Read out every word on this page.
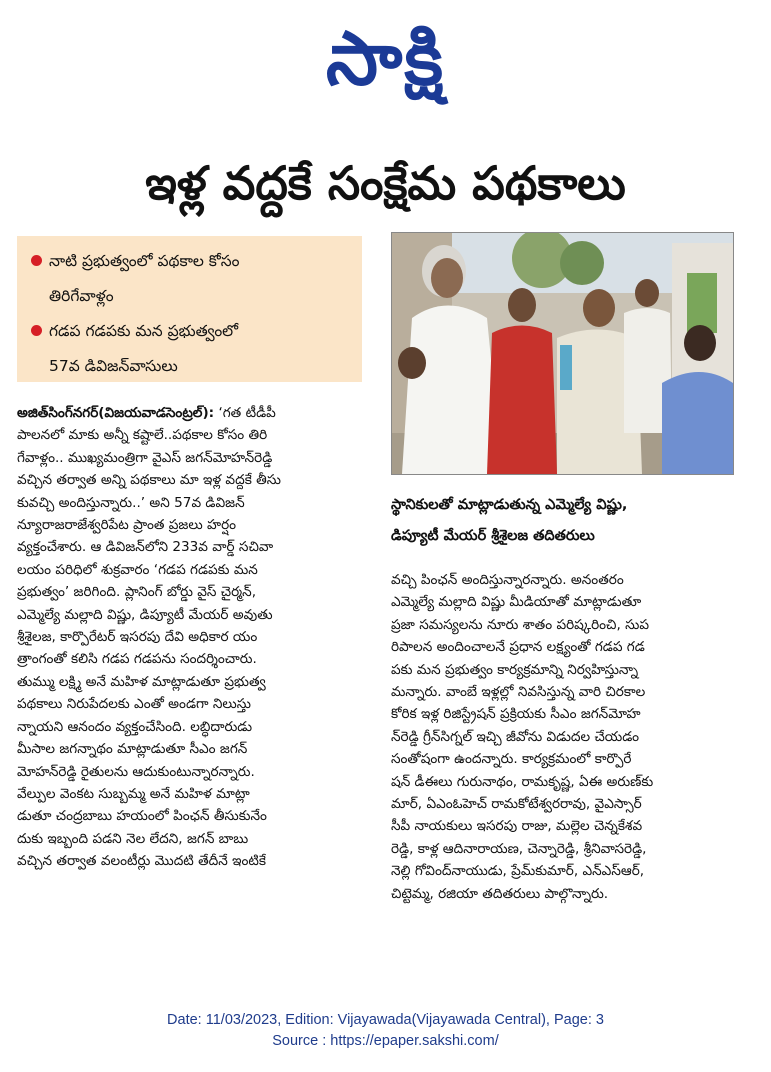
సాక్షి
ఇళ్ల వద్దకే సంక్షేమ పథకాలు
నాటి ప్రభుత్వంలో పథకాల కోసం
తిరిగేవాళ్లం
గడప గడపకు మన ప్రభుత్వంలో
57వ డివిజన్‌వాసులు
స్థానికులతో మాట్లాడుతున్న ఎమ్మెల్యే విష్ణు,
డిప్యూటీ మేయర్ శ్రీశైలజ తదితరులు

అజిత్‌సింగ్‌నగర్(విజయవాడసెంట్రల్): ‘గత టీడీపీ

పాలనలో మాకు అన్నీ కష్టాలే..పథకాల కోసం తిరి

గేవాళ్లం.. ముఖ్యమంత్రిగా వైఎస్ జగన్‌మోహన్‌రెడ్డి

వచ్చిన తర్వాత అన్ని పథకాలు మా ఇళ్ల వద్దకే తీసు

కువచ్చి అందిస్తున్నారు..’ అని 57వ డివిజన్

న్యూరాజరాజేశ్వరిపేట ప్రాంత ప్రజలు హర్షం

వ్యక్తంచేశారు. ఆ డివిజన్‌లోని 233వ వార్డ్ సచివా

లయం పరిధిలో శుక్రవారం ‘గడప గడపకు మన

ప్రభుత్వం’ జరిగింది. ప్లానింగ్ బోర్డు వైస్ చైర్మన్,

ఎమ్మెల్యే మల్లాది విష్ణు, డిప్యూటీ మేయర్ అవుతు

శ్రీశైలజ, కార్పొరేటర్ ఇసరపు దేవి అధికార యం

త్రాంగంతో కలిసి గడప గడపను సందర్శించారు.

తుమ్ము లక్ష్మి అనే మహిళ మాట్లాడుతూ ప్రభుత్వ

పథకాలు నిరుపేదలకు ఎంతో అండగా నిలుస్తు

న్నాయని ఆనందం వ్యక్తంచేసింది. లబ్ధిదారుడు

మీసాల జగన్నాథం మాట్లాడుతూ సీఎం జగన్

మోహన్‌రెడ్డి రైతులను ఆదుకుంటున్నారన్నారు.

వేల్పుల వెంకట సుబ్బమ్మ అనే మహిళ మాట్లా

డుతూ చంద్రబాబు హయంలో పింఛన్ తీసుకునేం

దుకు ఇబ్బంది పడని నెల లేదని, జగన్ బాబు

వచ్చిన తర్వాత వలంటీర్లు మొదటి తేదీనే ఇంటికే

వచ్చి పింఛన్ అందిస్తున్నారన్నారు. అనంతరం

ఎమ్మెల్యే మల్లాది విష్ణు మీడియాతో మాట్లాడుతూ

ప్రజా సమస్యలను నూరు శాతం పరిష్కరించి, సుప

రిపాలన అందించాలనే ప్రధాన లక్ష్యంతో గడప గడ

పకు మన ప్రభుత్వం కార్యక్రమాన్ని నిర్వహిస్తున్నా

మన్నారు. వాంబే ఇళ్లల్లో నివసిస్తున్న వారి చిరకాల

కోరిక ఇళ్ల రిజిస్ట్రేషన్ ప్రక్రియకు సీఎం జగన్‌మోహ

న్‌రెడ్డి గ్రీన్‌సిగ్నల్ ఇచ్చి జీవోను విడుదల చేయడం

సంతోషంగా ఉందన్నారు. కార్యక్రమంలో కార్పొరే

షన్ డీఈలు గురునాథం, రామకృష్ణ, ఏఈ అరుణ్‌కు

మార్, ఏఎంఓహెచ్ రామకోటేశ్వరరావు, వైఎస్సార్

సీపీ నాయకులు ఇసరపు రాజు, మల్లెల చెన్నకేశవ

రెడ్డి, కాళ్ల ఆదినారాయణ, చెన్నారెడ్డి, శ్రీనివాసరెడ్డి,

నెల్లి గోవింద్‌నాయుడు, ప్రేమ్‌కుమార్, ఎన్ఎస్ఆర్,

చిట్టెమ్మ, రజియా తదితరులు పాల్గొన్నారు.

Date: 11/03/2023, Edition: Vijayawada(Vijayawada Central), Page: 3
Source : https://epaper.sakshi.com/
